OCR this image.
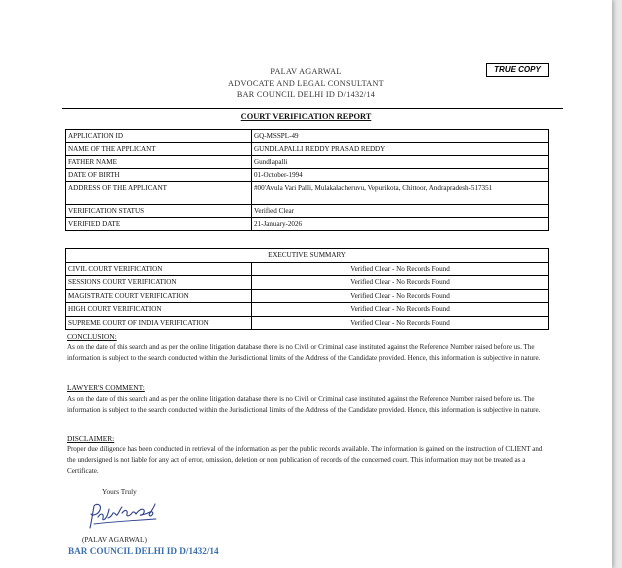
PALAV AGARWAL
ADVOCATE AND LEGAL CONSULTANT
BAR COUNCIL DELHI ID D/1432/14
TRUE COPY
COURT VERIFICATION REPORT
APPLICATION ID	GQ-MSSPL-49
NAME OF THE APPLICANT	GUNDLAPALLI REDDY PRASAD REDDY
FATHER NAME	Gundlapalli
DATE OF BIRTH	01-October-1994
ADDRESS OF THE APPLICANT	#00'Avula Vari Palli, Mulakalacheruvu, Vepurikota, Chittoor, Andrapradesh-517351
VERIFICATION STATUS	Verified Clear
VERIFIED DATE	21-January-2026
EXECUTIVE SUMMARY	
CIVIL COURT VERIFICATION	Verified Clear - No Records Found
SESSIONS COURT VERIFICATION	Verified Clear - No Records Found
MAGISTRATE COURT VERIFICATION	Verified Clear - No Records Found
HIGH COURT VERIFICATION	Verified Clear - No Records Found
SUPREME COURT OF INDIA VERIFICATION	Verified Clear - No Records Found
CONCLUSION:
As on the date of this search and as per the online litigation database there is no Civil or Criminal case instituted against the Reference Number raised before us. The information is subject to the search conducted within the Jurisdictional limits of the Address of the Candidate provided. Hence, this information is subjective in nature.
LAWYER'S COMMENT:
As on the date of this search and as per the online litigation database there is no Civil or Criminal case instituted against the Reference Number raised before us. The information is subject to the search conducted within the Jurisdictional limits of the Address of the Candidate provided. Hence, this information is subjective in nature.
DISCLAIMER:
Proper due diligence has been conducted in retrieval of the information as per the public records available. The information is gained on the instruction of CLIENT and the undersigned is not liable for any act of error, omission, deletion or non publication of records of the concerned court. This information may not be treated as a Certificate.
Yours Truly
(PALAV AGARWAL)
BAR COUNCIL DELHI ID D/1432/14
